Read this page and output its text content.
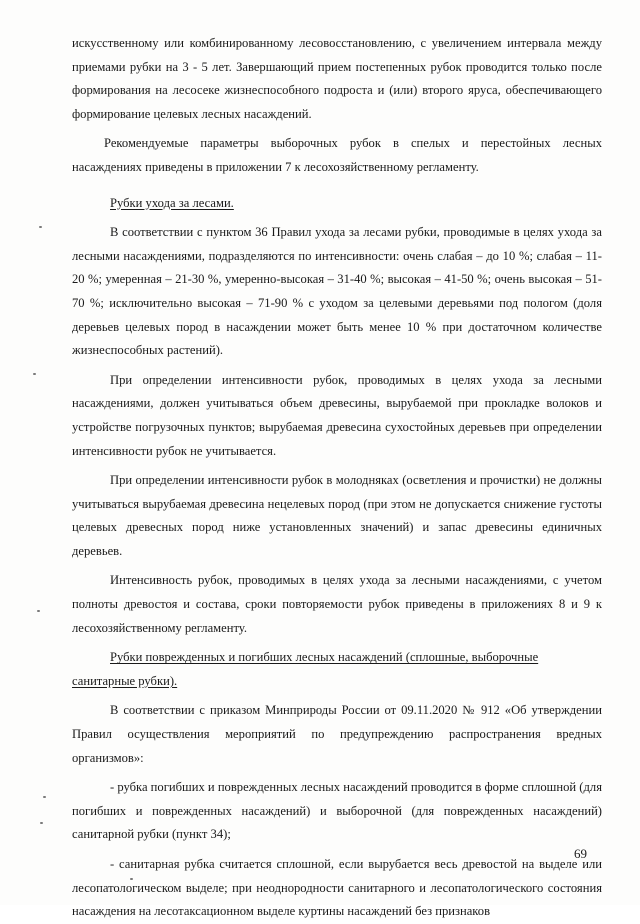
искусственному или комбинированному лесовосстановлению, с увеличением интервала между приемами рубки на 3 - 5 лет. Завершающий прием постепенных рубок проводится только после формирования на лесосеке жизнеспособного подроста и (или) второго яруса, обеспечивающего формирование целевых лесных насаждений.

Рекомендуемые параметры выборочных рубок в спелых и перестойных лесных насаждениях приведены в приложении 7 к лесохозяйственному регламенту.

Рубки ухода за лесами.

В соответствии с пунктом 36 Правил ухода за лесами рубки, проводимые в целях ухода за лесными насаждениями, подразделяются по интенсивности: очень слабая – до 10 %; слабая – 11-20 %; умеренная – 21-30 %, умеренно-высокая – 31-40 %; высокая – 41-50 %; очень высокая – 51-70 %; исключительно высокая – 71-90 % с уходом за целевыми деревьями под пологом (доля деревьев целевых пород в насаждении может быть менее 10 % при достаточном количестве жизнеспособных растений).

При определении интенсивности рубок, проводимых в целях ухода за лесными насаждениями, должен учитываться объем древесины, вырубаемой при прокладке волоков и устройстве погрузочных пунктов; вырубаемая древесина сухостойных деревьев при определении интенсивности рубок не учитывается.

При определении интенсивности рубок в молодняках (осветления и прочистки) не должны учитываться вырубаемая древесина нецелевых пород (при этом не допускается снижение густоты целевых древесных пород ниже установленных значений) и запас древесины единичных деревьев.

Интенсивность рубок, проводимых в целях ухода за лесными насаждениями, с учетом полноты древостоя и состава, сроки повторяемости рубок приведены в приложениях 8 и 9 к лесохозяйственному регламенту.

Рубки поврежденных и погибших лесных насаждений (сплошные, выборочные санитарные рубки).

В соответствии с приказом Минприроды России от 09.11.2020 № 912 «Об утверждении Правил осуществления мероприятий по предупреждению распространения вредных организмов»:

- рубка погибших и поврежденных лесных насаждений проводится в форме сплошной (для погибших и поврежденных насаждений) и выборочной (для поврежденных насаждений) санитарной рубки (пункт 34);

- санитарная рубка считается сплошной, если вырубается весь древостой на выделе или лесопатологическом выделе; при неоднородности санитарного и лесопатологического состояния насаждения на лесотаксационном выделе куртины насаждений без признаков

69
